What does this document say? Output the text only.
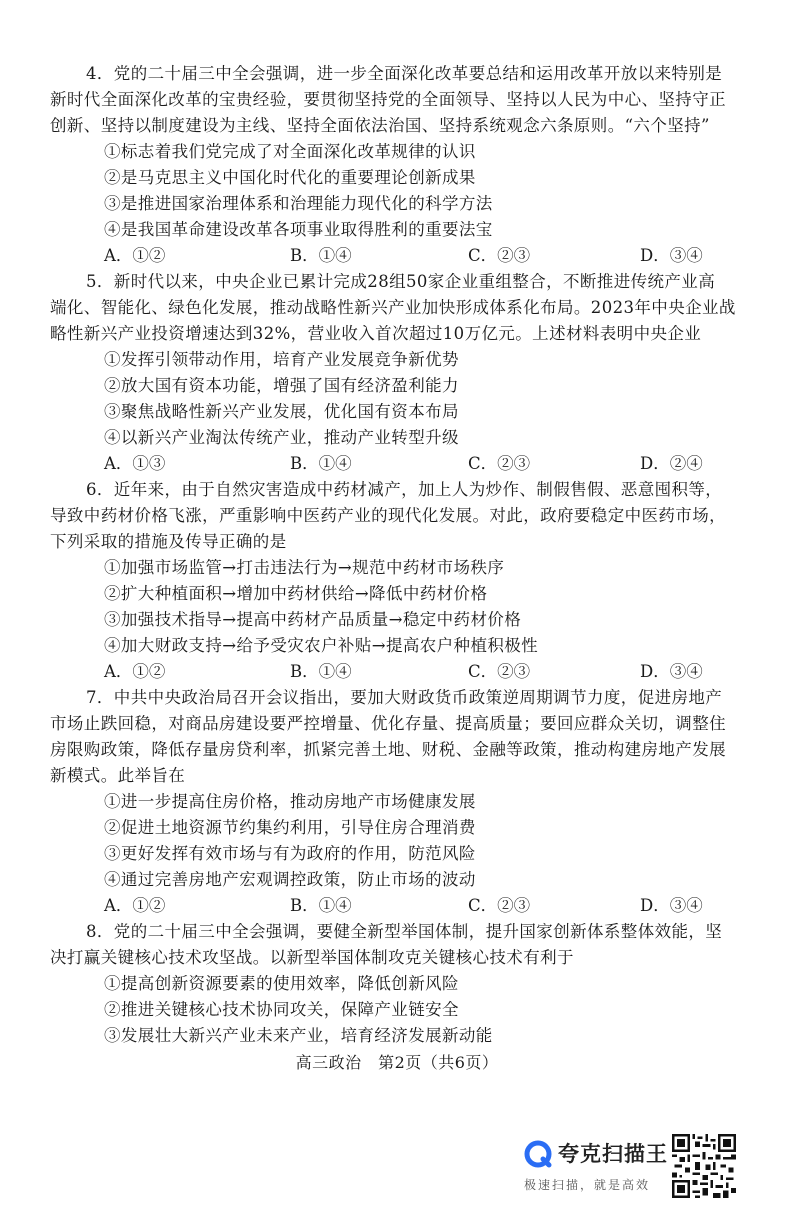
4．党的二十届三中全会强调，进一步全面深化改革要总结和运用改革开放以来特别是
新时代全面深化改革的宝贵经验，要贯彻坚持党的全面领导、坚持以人民为中心、坚持守正
创新、坚持以制度建设为主线、坚持全面依法治国、坚持系统观念六条原则。“六个坚持”
①标志着我们党完成了对全面深化改革规律的认识
②是马克思主义中国化时代化的重要理论创新成果
③是推进国家治理体系和治理能力现代化的科学方法
④是我国革命建设改革各项事业取得胜利的重要法宝
A．①②	B．①④	C．②③	D．③④
5．新时代以来，中央企业已累计完成28组50家企业重组整合，不断推进传统产业高
端化、智能化、绿色化发展，推动战略性新兴产业加快形成体系化布局。2023年中央企业战
略性新兴产业投资增速达到32%，营业收入首次超过10万亿元。上述材料表明中央企业
①发挥引领带动作用，培育产业发展竞争新优势
②放大国有资本功能，增强了国有经济盈利能力
③聚焦战略性新兴产业发展，优化国有资本布局
④以新兴产业淘汰传统产业，推动产业转型升级
A．①③	B．①④	C．②③	D．②④
6．近年来，由于自然灾害造成中药材减产，加上人为炒作、制假售假、恶意囤积等，
导致中药材价格飞涨，严重影响中医药产业的现代化发展。对此，政府要稳定中医药市场，
下列采取的措施及传导正确的是
①加强市场监管→打击违法行为→规范中药材市场秩序
②扩大种植面积→增加中药材供给→降低中药材价格
③加强技术指导→提高中药材产品质量→稳定中药材价格
④加大财政支持→给予受灾农户补贴→提高农户种植积极性
A．①②	B．①④	C．②③	D．③④
7．中共中央政治局召开会议指出，要加大财政货币政策逆周期调节力度，促进房地产
市场止跌回稳，对商品房建设要严控增量、优化存量、提高质量；要回应群众关切，调整住
房限购政策，降低存量房贷利率，抓紧完善土地、财税、金融等政策，推动构建房地产发展
新模式。此举旨在
①进一步提高住房价格，推动房地产市场健康发展
②促进土地资源节约集约利用，引导住房合理消费
③更好发挥有效市场与有为政府的作用，防范风险
④通过完善房地产宏观调控政策，防止市场的波动
A．①②	B．①④	C．②③	D．③④
8．党的二十届三中全会强调，要健全新型举国体制，提升国家创新体系整体效能，坚
决打赢关键核心技术攻坚战。以新型举国体制攻克关键核心技术有利于
①提高创新资源要素的使用效率，降低创新风险
②推进关键核心技术协同攻关，保障产业链安全
③发展壮大新兴产业未来产业，培育经济发展新动能
高三政治　第2页（共6页）
夸克扫描王
极速扫描，就是高效
